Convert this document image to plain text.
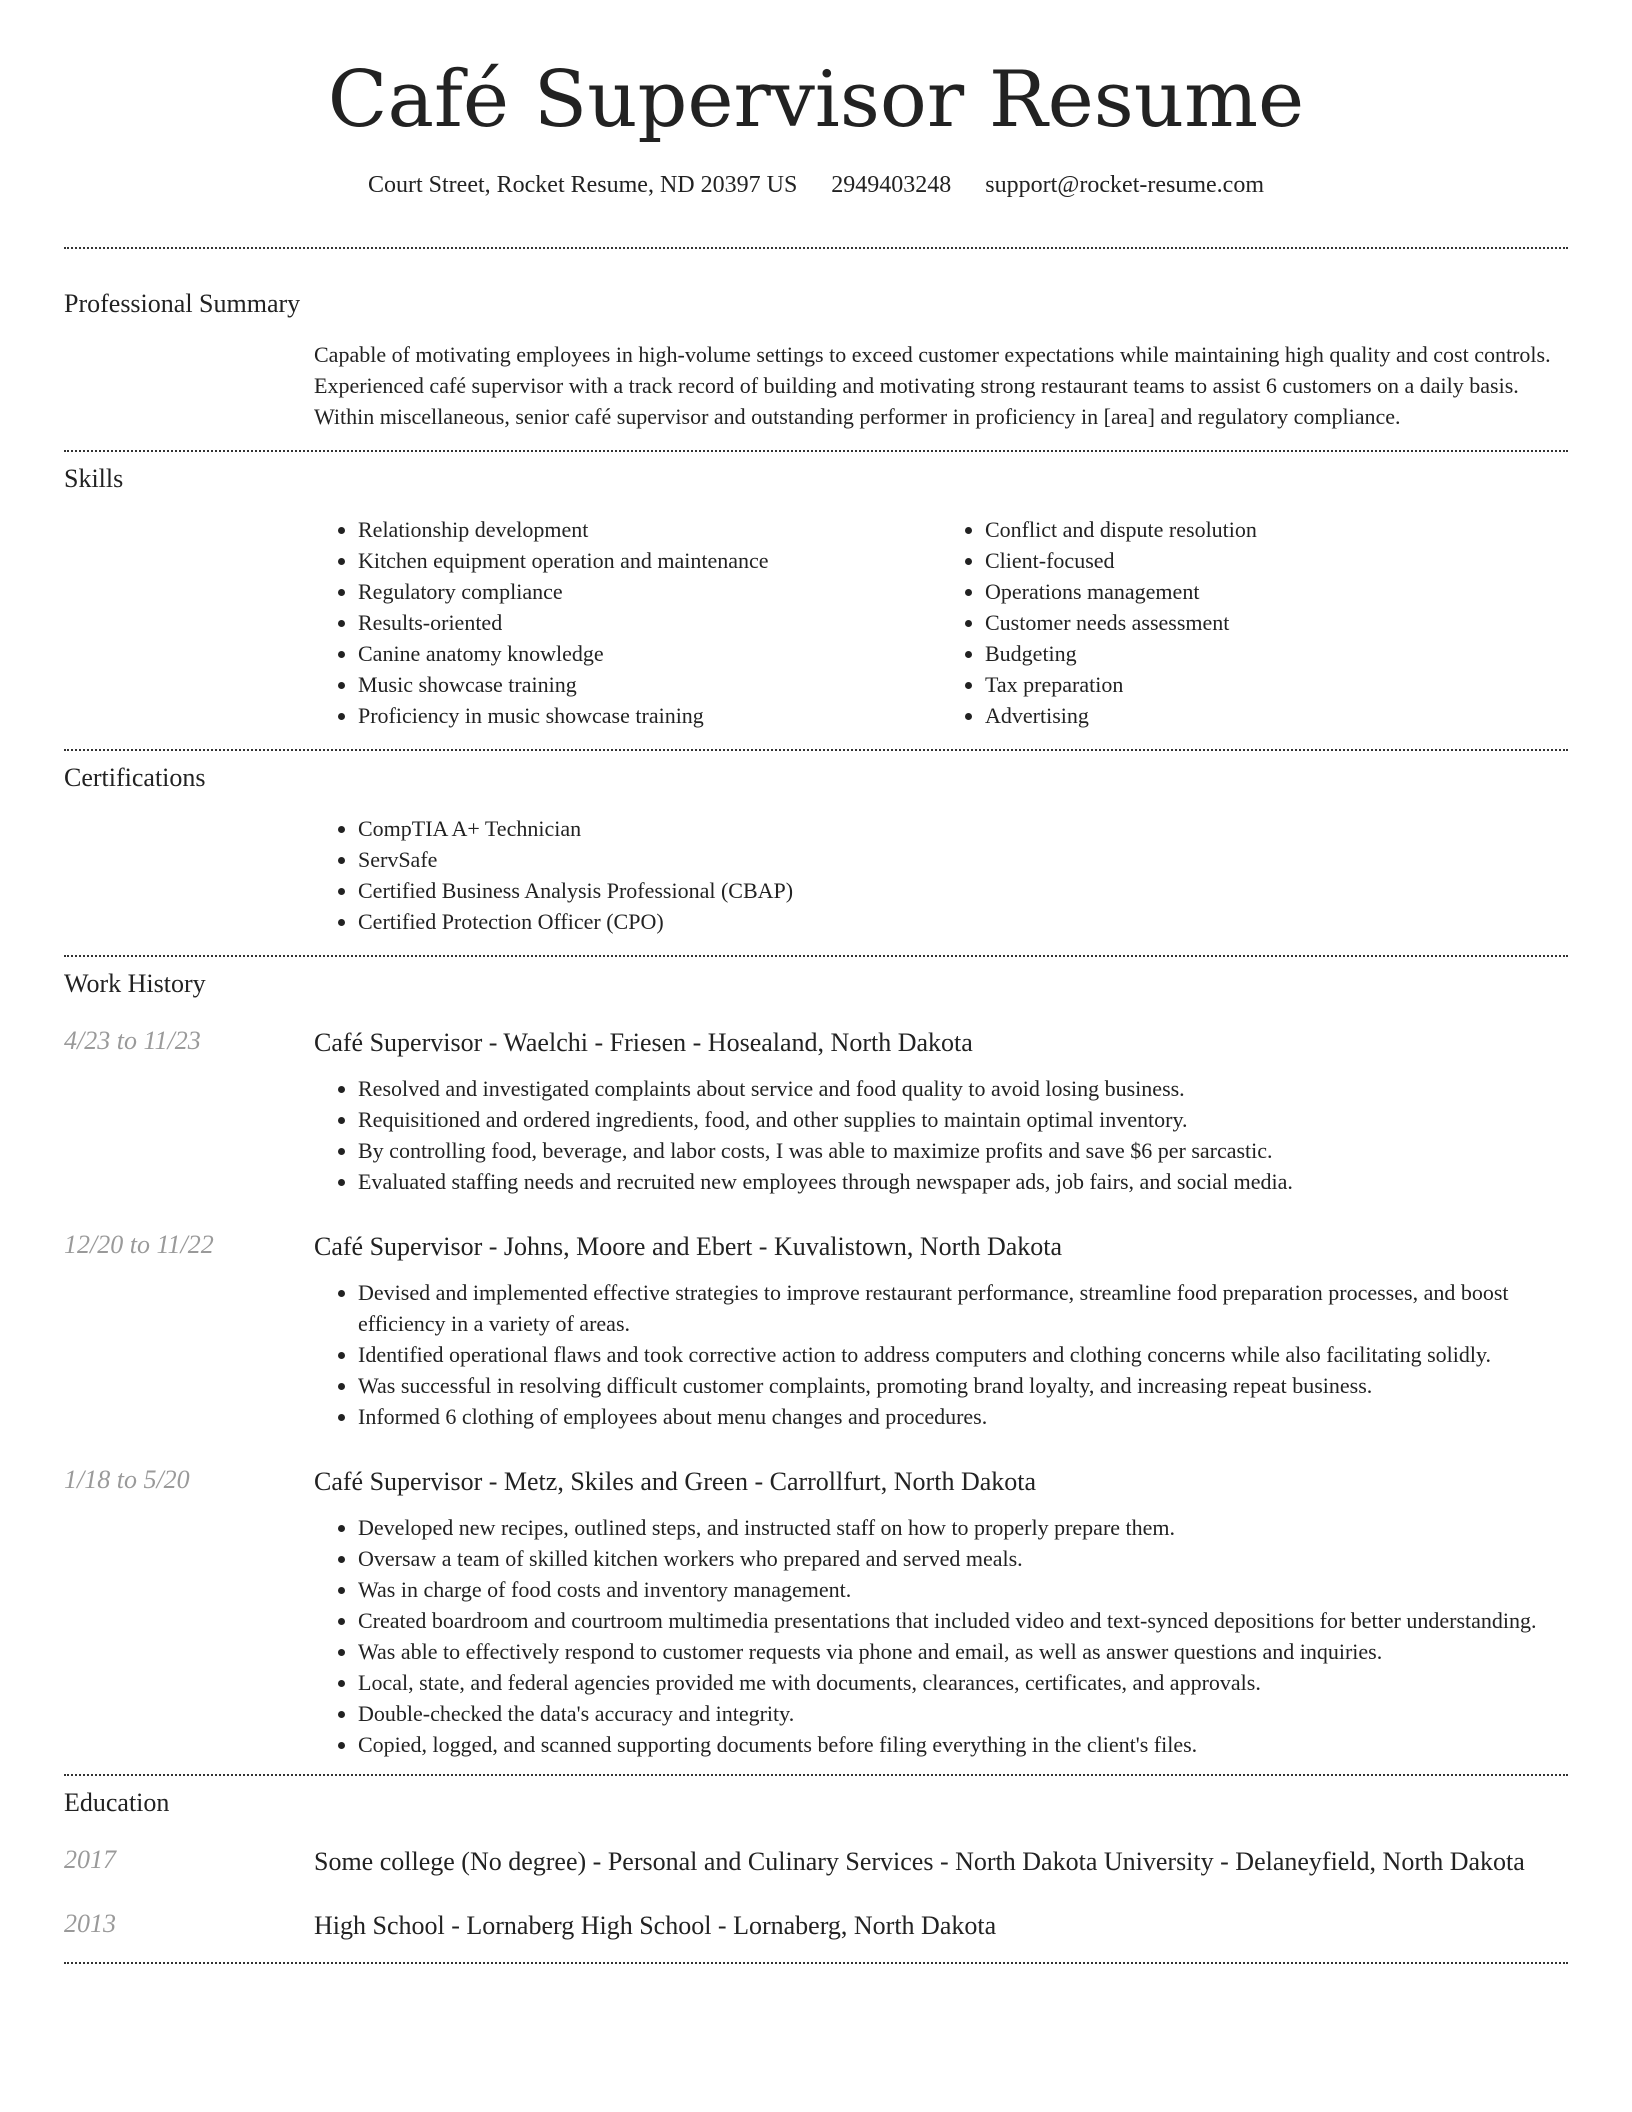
Café Supervisor Resume
Court Street, Rocket Resume, ND 20397 US 2949403248 support@rocket-resume.com
Professional Summary
Capable of motivating employees in high-volume settings to exceed customer expectations while maintaining high quality and cost controls. Experienced café supervisor with a track record of building and motivating strong restaurant teams to assist 6 customers on a daily basis. Within miscellaneous, senior café supervisor and outstanding performer in proficiency in [area] and regulatory compliance.
Skills
• Relationship development
• Kitchen equipment operation and maintenance
• Regulatory compliance
• Results-oriented
• Canine anatomy knowledge
• Music showcase training
• Proficiency in music showcase training
• Conflict and dispute resolution
• Client-focused
• Operations management
• Customer needs assessment
• Budgeting
• Tax preparation
• Advertising
Certifications
• CompTIA A+ Technician
• ServSafe
• Certified Business Analysis Professional (CBAP)
• Certified Protection Officer (CPO)
Work History
4/23 to 11/23	Café Supervisor - Waelchi - Friesen - Hosealand, North Dakota
• Resolved and investigated complaints about service and food quality to avoid losing business.
• Requisitioned and ordered ingredients, food, and other supplies to maintain optimal inventory.
• By controlling food, beverage, and labor costs, I was able to maximize profits and save $6 per sarcastic.
• Evaluated staffing needs and recruited new employees through newspaper ads, job fairs, and social media.
12/20 to 11/22	Café Supervisor - Johns, Moore and Ebert - Kuvalistown, North Dakota
• Devised and implemented effective strategies to improve restaurant performance, streamline food preparation processes, and boost efficiency in a variety of areas.
• Identified operational flaws and took corrective action to address computers and clothing concerns while also facilitating solidly.
• Was successful in resolving difficult customer complaints, promoting brand loyalty, and increasing repeat business.
• Informed 6 clothing of employees about menu changes and procedures.
1/18 to 5/20	Café Supervisor - Metz, Skiles and Green - Carrollfurt, North Dakota
• Developed new recipes, outlined steps, and instructed staff on how to properly prepare them.
• Oversaw a team of skilled kitchen workers who prepared and served meals.
• Was in charge of food costs and inventory management.
• Created boardroom and courtroom multimedia presentations that included video and text-synced depositions for better understanding.
• Was able to effectively respond to customer requests via phone and email, as well as answer questions and inquiries.
• Local, state, and federal agencies provided me with documents, clearances, certificates, and approvals.
• Double-checked the data's accuracy and integrity.
• Copied, logged, and scanned supporting documents before filing everything in the client's files.
Education
2017	Some college (No degree) - Personal and Culinary Services - North Dakota University - Delaneyfield, North Dakota
2013	High School - Lornaberg High School - Lornaberg, North Dakota
